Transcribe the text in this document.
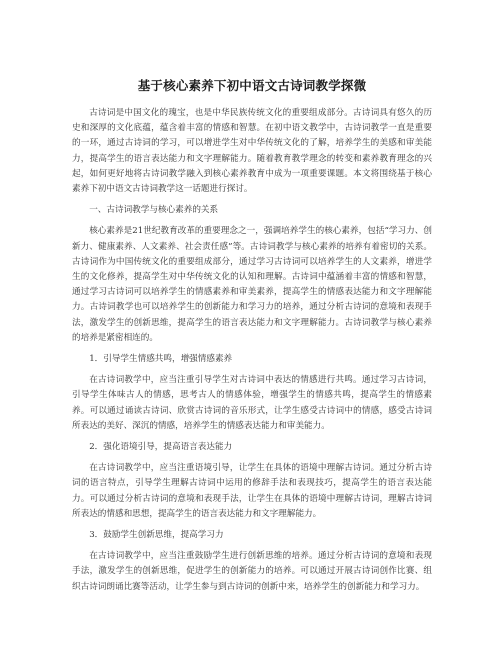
基于核心素养下初中语文古诗词教学探微

古诗词是中国文化的瑰宝，也是中华民族传统文化的重要组成部分。古诗词具有悠久的历史和深厚的文化底蕴，蕴含着丰富的情感和智慧。在初中语文教学中，古诗词教学一直是重要的一环，通过古诗词的学习，可以增进学生对中华传统文化的了解，培养学生的美感和审美能力，提高学生的语言表达能力和文字理解能力。随着教育教学理念的转变和素养教育理念的兴起，如何更好地将古诗词教学融入到核心素养教育中成为一项重要课题。本文将围绕基于核心素养下初中语文古诗词教学这一话题进行探讨。

一、古诗词教学与核心素养的关系

核心素养是21世纪教育改革的重要理念之一，强调培养学生的核心素养，包括“学习力、创新力、健康素养、人文素养、社会责任感”等。古诗词教学与核心素养的培养有着密切的关系。古诗词作为中国传统文化的重要组成部分，通过学习古诗词可以培养学生的人文素养，增进学生的文化修养，提高学生对中华传统文化的认知和理解。古诗词中蕴涵着丰富的情感和智慧，通过学习古诗词可以培养学生的情感素养和审美素养，提高学生的情感表达能力和文字理解能力。古诗词教学也可以培养学生的创新能力和学习力的培养，通过分析古诗词的意境和表现手法，激发学生的创新思维，提高学生的语言表达能力和文字理解能力。古诗词教学与核心素养的培养是紧密相连的。

1．引导学生情感共鸣，增强情感素养

在古诗词教学中，应当注重引导学生对古诗词中表达的情感进行共鸣。通过学习古诗词，引导学生体味古人的情感，思考古人的情感体验，增强学生的情感共鸣，提高学生的情感素养。可以通过诵读古诗词、欣赏古诗词的音乐形式，让学生感受古诗词中的情感，感受古诗词所表达的美好、深沉的情感，培养学生的情感表达能力和审美能力。

2．强化语境引导，提高语言表达能力

在古诗词教学中，应当注重语境引导，让学生在具体的语境中理解古诗词。通过分析古诗词的语言特点，引导学生理解古诗词中运用的修辞手法和表现技巧，提高学生的语言表达能力。可以通过分析古诗词的意境和表现手法，让学生在具体的语境中理解古诗词，理解古诗词所表达的情感和思想，提高学生的语言表达能力和文字理解能力。

3．鼓励学生创新思维，提高学习力

在古诗词教学中，应当注重鼓励学生进行创新思维的培养。通过分析古诗词的意境和表现手法，激发学生的创新思维，促进学生的创新能力的培养。可以通过开展古诗词创作比赛、组织古诗词朗诵比赛等活动，让学生参与到古诗词的创新中来，培养学生的创新能力和学习力。
